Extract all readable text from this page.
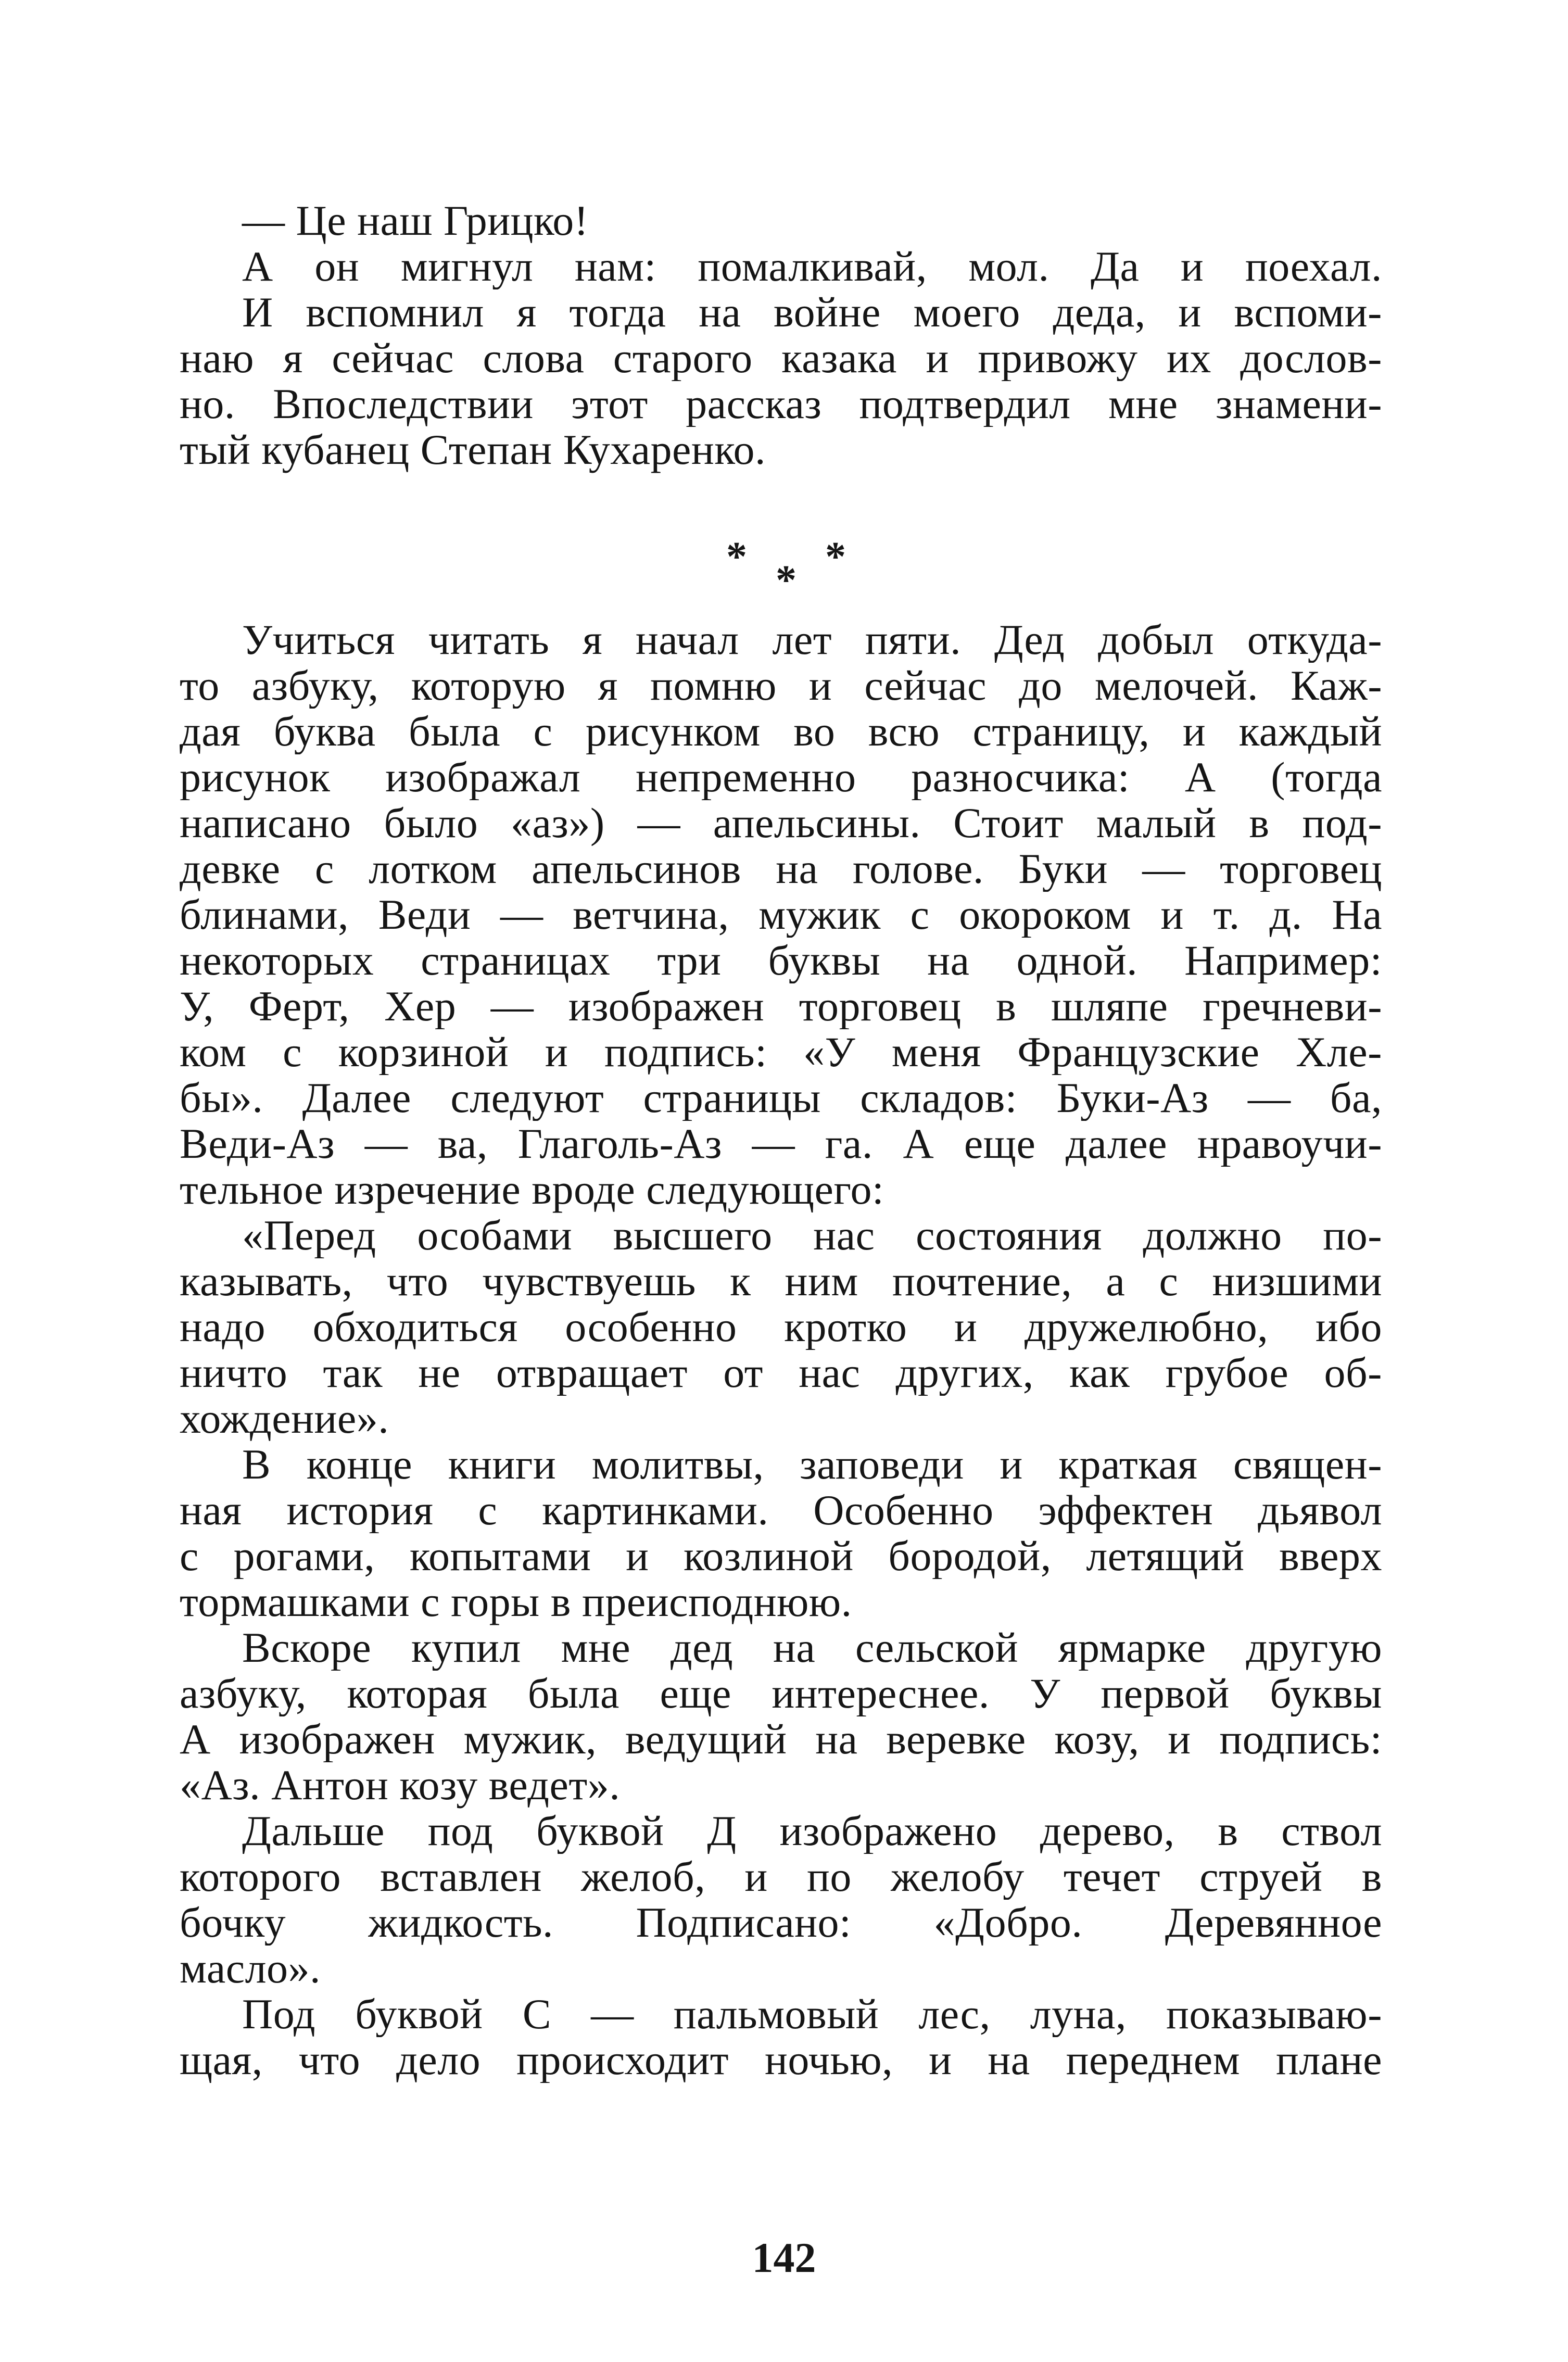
— Це наш Грицко!
А он мигнул нам: помалкивай, мол. Да и поехал.
И вспомнил я тогда на войне моего деда, и вспоми-
наю я сейчас слова старого казака и привожу их дослов-
но. Впоследствии этот рассказ подтвердил мне знамени-
тый кубанец Степан Кухаренко.
*
*
*
Учиться читать я начал лет пяти. Дед добыл откуда-
то азбуку, которую я помню и сейчас до мелочей. Каж-
дая буква была с рисунком во всю страницу, и каждый
рисунок изображал непременно разносчика: А (тогда
написано было «аз») — апельсины. Стоит малый в под-
девке с лотком апельсинов на голове. Буки — торговец
блинами, Веди — ветчина, мужик с окороком и т. д. На
некоторых страницах три буквы на одной. Например:
У, Ферт, Хер — изображен торговец в шляпе гречневи-
ком с корзиной и подпись: «У меня Французские Хле-
бы». Далее следуют страницы складов: Буки-Аз — ба,
Веди-Аз — ва, Глаголь-Аз — га. А еще далее нравоучи-
тельное изречение вроде следующего:
«Перед особами высшего нас состояния должно по-
казывать, что чувствуешь к ним почтение, а с низшими
надо обходиться особенно кротко и дружелюбно, ибо
ничто так не отвращает от нас других, как грубое об-
хождение».
В конце книги молитвы, заповеди и краткая священ-
ная история с картинками. Особенно эффектен дьявол
с рогами, копытами и козлиной бородой, летящий вверх
тормашками с горы в преисподнюю.
Вскоре купил мне дед на сельской ярмарке другую
азбуку, которая была еще интереснее. У первой буквы
А изображен мужик, ведущий на веревке козу, и подпись:
«Аз. Антон козу ведет».
Дальше под буквой Д изображено дерево, в ствол
которого вставлен желоб, и по желобу течет струей в
бочку жидкость. Подписано: «Добро. Деревянное
масло».
Под буквой С — пальмовый лес, луна, показываю-
щая, что дело происходит ночью, и на переднем плане
142
